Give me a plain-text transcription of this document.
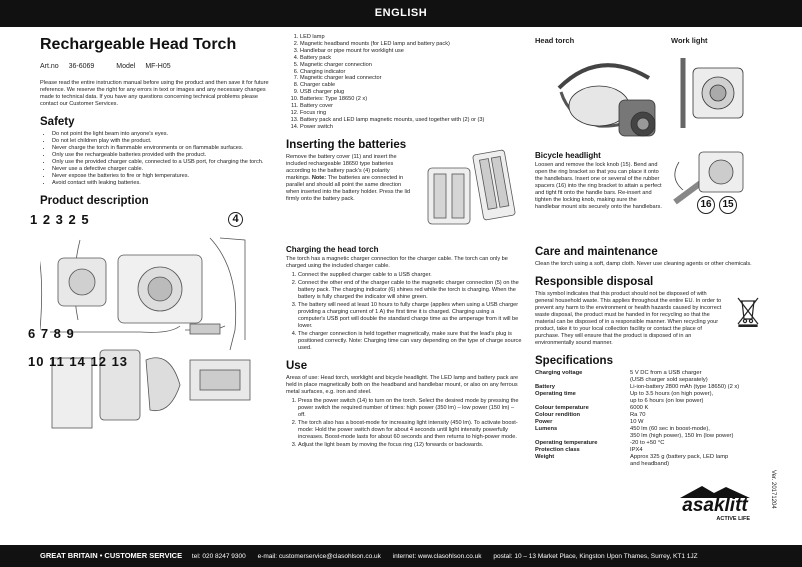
ENGLISH
Rechargeable Head Torch
Art.no 36-6069	Model MF-H05

Please read the entire instruction manual before using the product and then save it for future reference. We reserve the right for any errors in text or images and any necessary changes made to technical data. If you have any questions concerning technical problems please contact our Customer Services.

Safety
• Do not point the light beam into anyone's eyes.
• Do not let children play with the product.
• Never charge the torch in flammable environments or on flammable surfaces.
• Only use the rechargeable batteries provided with the product.
• Only use the provided charger cable, connected to a USB port, for charging the torch.
• Never use a defective charger cable.
• Never expose the batteries to fire or high temperatures.
• Avoid contact with leaking batteries.
Product description
1 2 3 2 5	4
6 7 8 9
10 11 14 12 13
1. LED lamp
2. Magnetic headband mounts (for LED lamp and battery pack)
3. Handlebar or pipe mount for worklight use
4. Battery pack
5. Magnetic charger connection
6. Charging indicator
7. Magnetic charger lead connector
8. Charger cable
9. USB charger plug
10. Batteries: Type 18650 (2 x)
11. Battery cover
12. Focus ring
13. Battery pack and LED lamp magnetic mounts, used together with (2) or (3)
14. Power switch
Inserting the batteries

Remove the battery cover (11) and insert the included rechargeable 18650 type batteries according to the battery pack's (4) polarity markings. Note: The batteries are connected in parallel and should all point the same direction when inserted into the battery holder. Press the lid firmly onto the battery pack.

Charging the head torch

The torch has a magnetic charger connection for the charger cable. The torch can only be charged using the included charger cable.

1. Connect the supplied charger cable to a USB charger.
2. Connect the other end of the charger cable to the magnetic charger connection (5) on the battery pack. The charging indicator (6) shines red while the torch is charging. When the battery is fully charged the indicator will shine green.
3. The battery will need at least 10 hours to fully charge (applies when using a USB charger providing a charging current of 1 A) the first time it is charged. Charging using a computer's USB port will double the standard charge time as the amperage from it will be lower.
4. The charger connection is held together magnetically, make sure that the lead's plug is positioned correctly. Note: Charging time can vary depending on the type of charge source used.
Use

Areas of use: Head torch, worklight and bicycle headlight. The LED lamp and battery pack are held in place magnetically both on the headband and handlebar mount, or also on any ferrous metal surfaces, e.g. iron and steel.

1. Press the power switch (14) to turn on the torch. Select the desired mode by pressing the power switch the required number of times: high power (350 lm) – low power (150 lm) – off.
2. The torch also has a boost-mode for increasing light intensity (450 lm). To activate boost-mode: Hold the power switch down for about 4 seconds until light intensity powerfully increases. Boost-mode lasts for about 60 seconds and then returns to high-power mode.
3. Adjust the light beam by moving the focus ring (12) forwards or backwards.
Head torch	Work light
Bicycle headlight

Loosen and remove the lock knob (15). Bend and open the ring bracket so that you can place it onto the handlebars. Insert one or several of the rubber spacers (16) into the ring bracket to attain a perfect and tight fit onto the handle bars. Re-insert and tighten the locking knob, making sure the handlebar mount sits securely onto the handlebars.	16	15
Care and maintenance

Clean the torch using a soft, damp cloth. Never use cleaning agents or other chemicals.

Responsible disposal

This symbol indicates that this product should not be disposed of with general household waste. This applies throughout the entire EU. In order to prevent any harm to the environment or health hazards caused by incorrect waste disposal, the product must be handed in for recycling so that the material can be disposed of in a responsible manner. When recycling your product, take it to your local collection facility or contact the place of purchase. They will ensure that the product is disposed of in an environmentally sound manner.

Specifications
Charging voltage	5 V DC from a USB charger
	(USB charger sold separately)
Battery	Li-ion-battery 2800 mAh (type 18650) (2 x)
Operating time	Up to 3.5 hours (on high power),
	up to 6 hours (on low power)
Colour temperature	6000 K
Colour rendition	Ra 70
Power	10 W
Lumens	450 lm (60 sec in boost-mode),
	350 lm (high power), 150 lm (low power)
Operating temperature	-20 to +50 °C
Protection class	IPX4
Weight	Approx 325 g (battery pack, LED lamp
	and headband)
asaklitt
ACTIVE LIFE
Ver. 20171204
GREAT BRITAIN • CUSTOMER SERVICE tel: 020 8247 9300 e-mail: customerservice@clasohlson.co.uk internet: www.clasohlson.co.uk postal: 10 – 13 Market Place, Kingston Upon Thames, Surrey, KT1 1JZ
